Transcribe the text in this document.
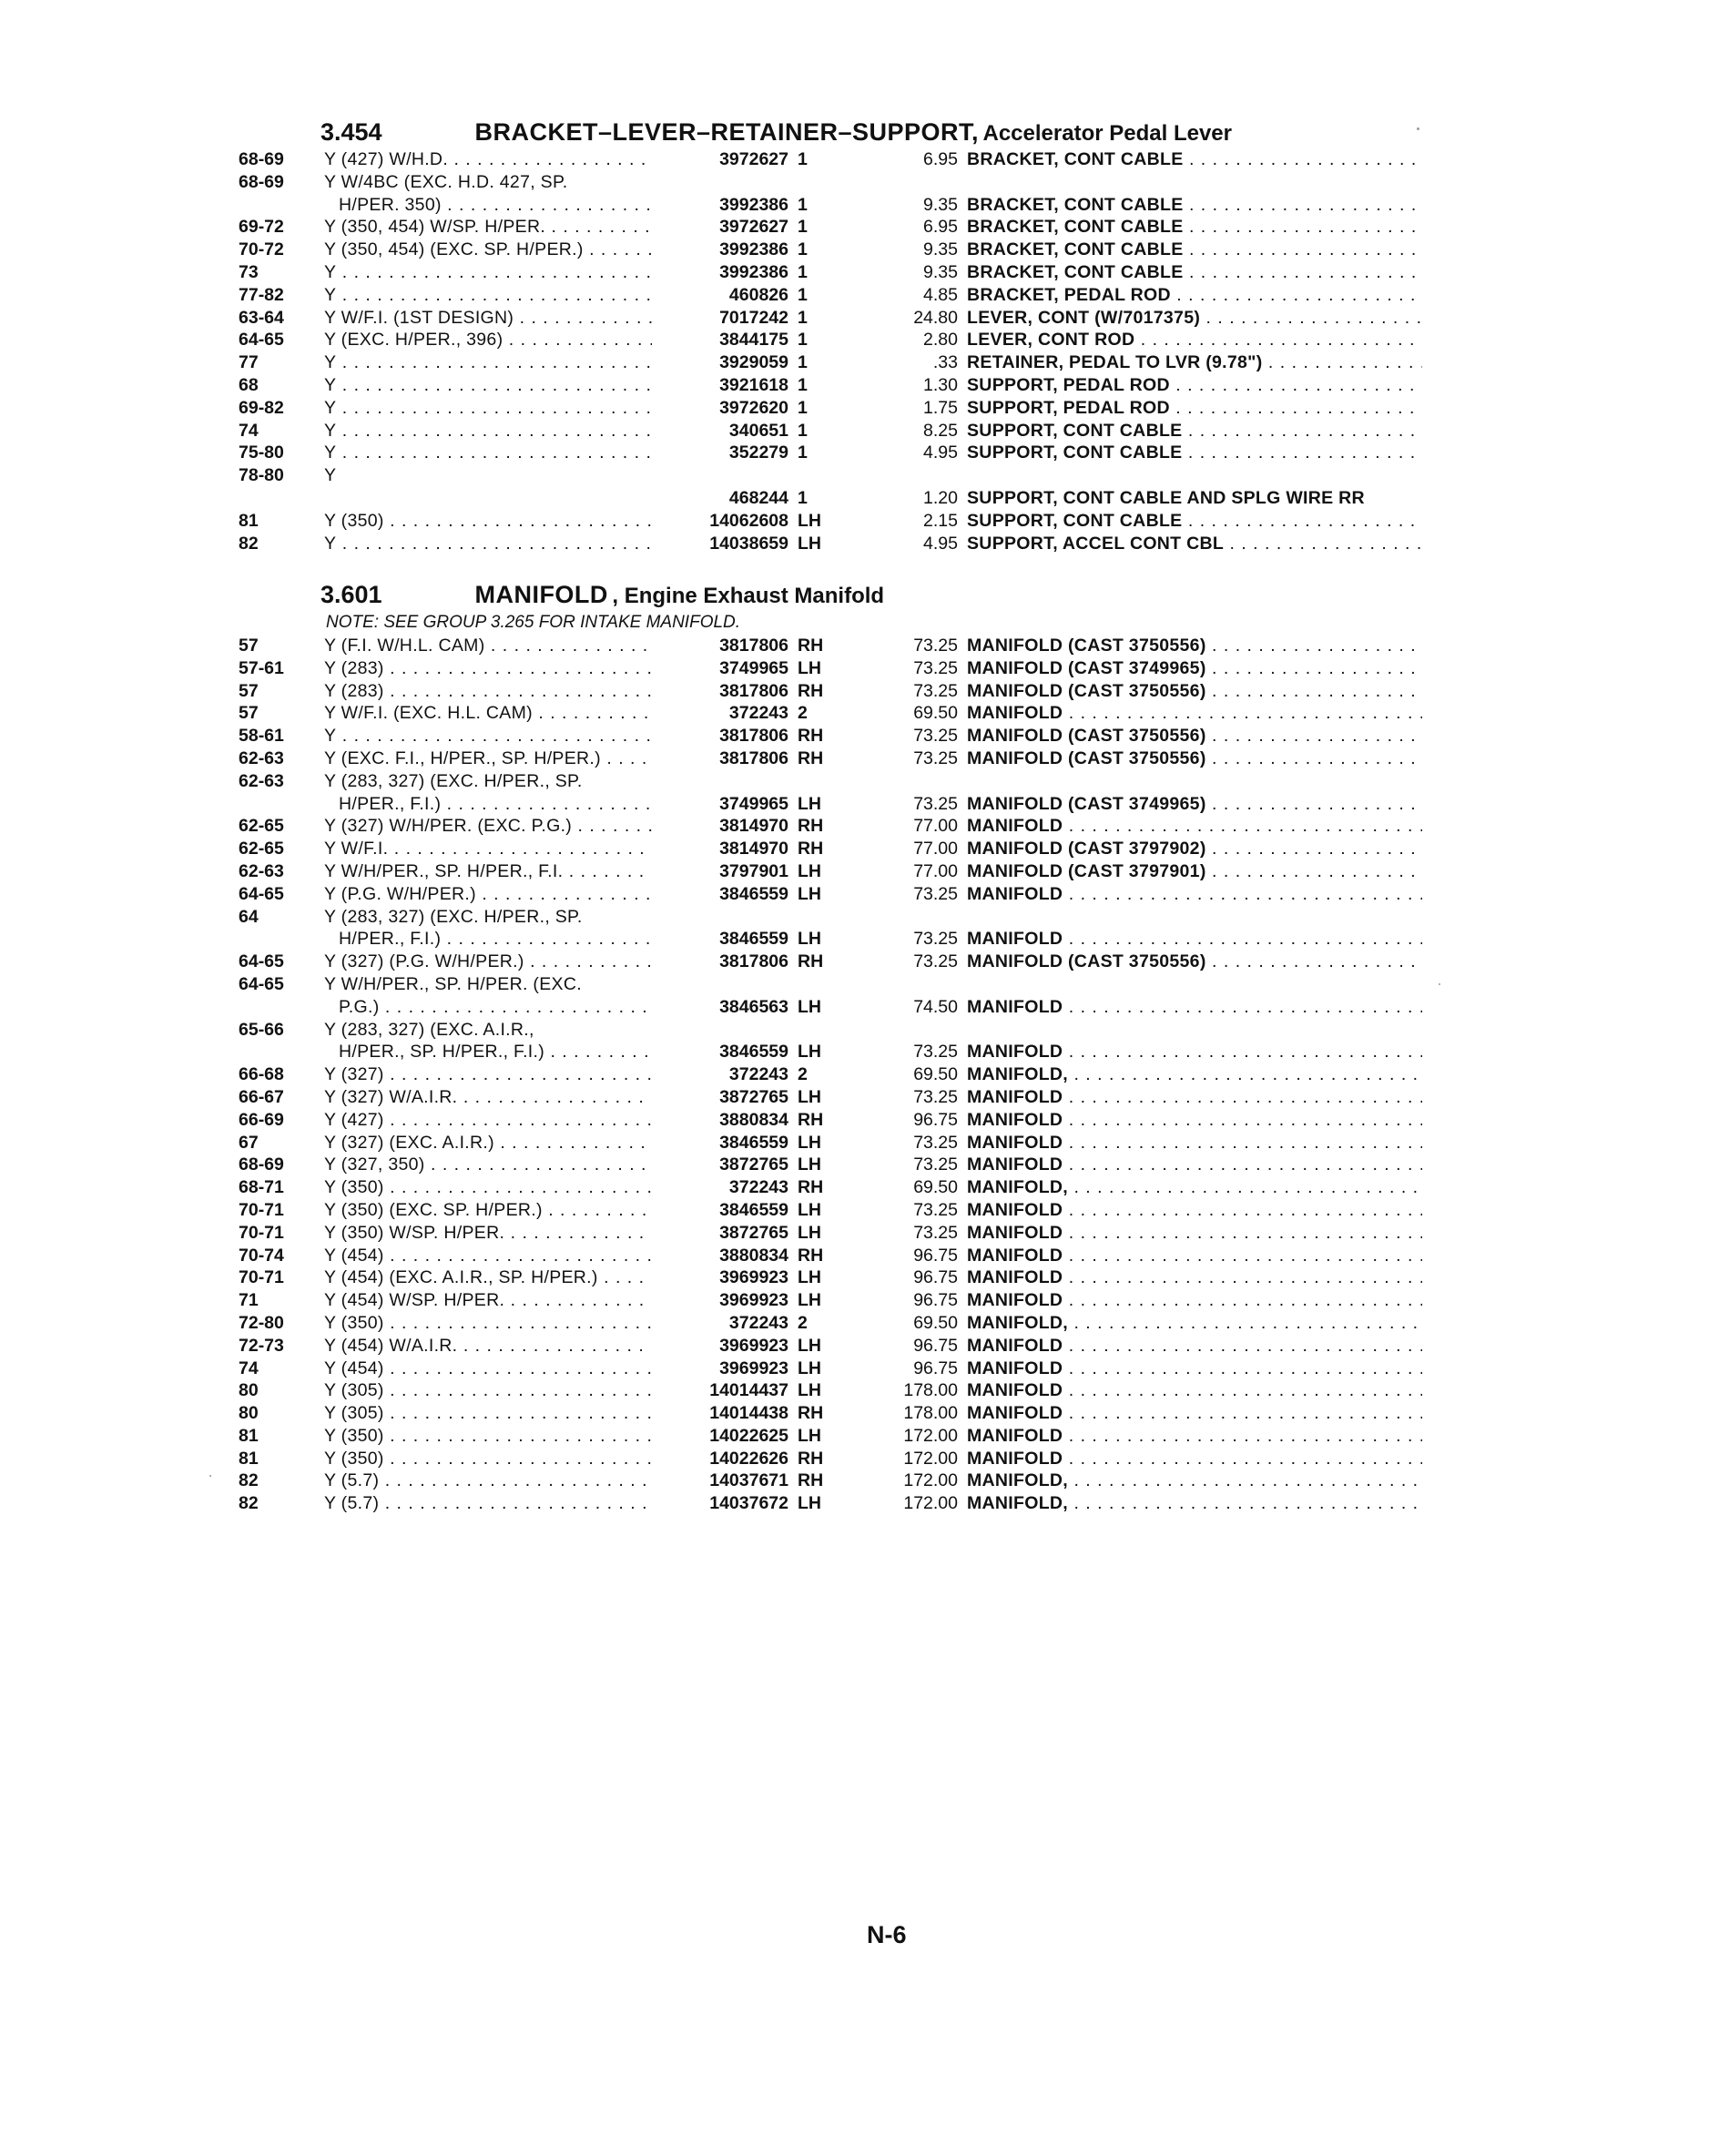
3.454	BRACKET–LEVER–RETAINER–SUPPORT, Accelerator Pedal Lever
68-69	Y (427) W/H.D. . . .	3972627 1	6.95 BRACKET, CONT CABLE . . .
68-69	Y W/4BC (EXC. H.D. 427, SP.
H/PER. 350) . . .	3992386 1	9.35 BRACKET, CONT CABLE . . .
69-72	Y (350, 454) W/SP. H/PER. . . .	3972627 1	6.95 BRACKET, CONT CABLE . . .
70-72	Y (350, 454) (EXC. SP. H/PER.) . . .	3992386 1	9.35 BRACKET, CONT CABLE . . .
73	Y . . .	3992386 1	9.35 BRACKET, CONT CABLE . . .
77-82	Y . . .	460826 1	4.85 BRACKET, PEDAL ROD . . .
63-64	Y W/F.I. (1ST DESIGN) . . .	7017242 1	24.80 LEVER, CONT (W/7017375) . . .
64-65	Y (EXC. H/PER., 396) . . .	3844175 1	2.80 LEVER, CONT ROD . . .
77	Y . . .	3929059 1	.33 RETAINER, PEDAL TO LVR (9.78") . . .
68	Y . . .	3921618 1	1.30 SUPPORT, PEDAL ROD . . .
69-82	Y . . .	3972620 1	1.75 SUPPORT, PEDAL ROD . . .
74	Y . . .	340651 1	8.25 SUPPORT, CONT CABLE . . .
75-80	Y . . .	352279 1	4.95 SUPPORT, CONT CABLE . . .
78-80	Y
468244 1	1.20 SUPPORT, CONT CABLE AND SPLG WIRE RR
81	Y (350) . . .	14062608 LH	2.15 SUPPORT, CONT CABLE . . .
82	Y . . .	14038659 LH	4.95 SUPPORT, ACCEL CONT CBL . . .
3.601	MANIFOLD , Engine Exhaust Manifold
NOTE: SEE GROUP 3.265 FOR INTAKE MANIFOLD.
57	Y (F.I. W/H.L. CAM) . . .	3817806 RH	73.25 MANIFOLD (CAST 3750556) . . .
57-61	Y (283) . . .	3749965 LH	73.25 MANIFOLD (CAST 3749965) . . .
57	Y (283) . . .	3817806 RH	73.25 MANIFOLD (CAST 3750556) . . .
57	Y W/F.I. (EXC. H.L. CAM) . . .	372243 2	69.50 MANIFOLD . . .
58-61	Y . . .	3817806 RH	73.25 MANIFOLD (CAST 3750556) . . .
62-63	Y (EXC. F.I., H/PER., SP. H/PER.) . . .	3817806 RH	73.25 MANIFOLD (CAST 3750556) . . .
62-63	Y (283, 327) (EXC. H/PER., SP.
H/PER., F.I.) . . .	3749965 LH	73.25 MANIFOLD (CAST 3749965) . . .
62-65	Y (327) W/H/PER. (EXC. P.G.) . . .	3814970 RH	77.00 MANIFOLD . . .
62-65	Y W/F.I. . . .	3814970 RH	77.00 MANIFOLD (CAST 3797902) . . .
62-63	Y W/H/PER., SP. H/PER., F.I. . . .	3797901 LH	77.00 MANIFOLD (CAST 3797901) . . .
64-65	Y (P.G. W/H/PER.) . . .	3846559 LH	73.25 MANIFOLD . . .
64	Y (283, 327) (EXC. H/PER., SP.
H/PER., F.I.) . . .	3846559 LH	73.25 MANIFOLD . . .
64-65	Y (327) (P.G. W/H/PER.) . . .	3817806 RH	73.25 MANIFOLD (CAST 3750556) . . .
64-65	Y W/H/PER., SP. H/PER. (EXC.
P.G.) . . .	3846563 LH	74.50 MANIFOLD . . .
65-66	Y (283, 327) (EXC. A.I.R.,
H/PER., SP. H/PER., F.I.) . . .	3846559 LH	73.25 MANIFOLD . . .
66-68	Y (327) . . .	372243 2	69.50 MANIFOLD, . . .
66-67	Y (327) W/A.I.R. . . .	3872765 LH	73.25 MANIFOLD . . .
66-69	Y (427) . . .	3880834 RH	96.75 MANIFOLD . . .
67	Y (327) (EXC. A.I.R.) . . .	3846559 LH	73.25 MANIFOLD . . .
68-69	Y (327, 350) . . .	3872765 LH	73.25 MANIFOLD . . .
68-71	Y (350) . . .	372243 RH	69.50 MANIFOLD, . . .
70-71	Y (350) (EXC. SP. H/PER.) . . .	3846559 LH	73.25 MANIFOLD . . .
70-71	Y (350) W/SP. H/PER. . . .	3872765 LH	73.25 MANIFOLD . . .
70-74	Y (454) . . .	3880834 RH	96.75 MANIFOLD . . .
70-71	Y (454) (EXC. A.I.R., SP. H/PER.) . . .	3969923 LH	96.75 MANIFOLD . . .
71	Y (454) W/SP. H/PER. . . .	3969923 LH	96.75 MANIFOLD . . .
72-80	Y (350) . . .	372243 2	69.50 MANIFOLD, . . .
72-73	Y (454) W/A.I.R. . . .	3969923 LH	96.75 MANIFOLD . . .
74	Y (454) . . .	3969923 LH	96.75 MANIFOLD . . .
80	Y (305) . . .	14014437 LH	178.00 MANIFOLD . . .
80	Y (305) . . .	14014438 RH	178.00 MANIFOLD . . .
81	Y (350) . . .	14022625 LH	172.00 MANIFOLD . . .
81	Y (350) . . .	14022626 RH	172.00 MANIFOLD . . .
82	Y (5.7) . . .	14037671 RH	172.00 MANIFOLD, . . .
82	Y (5.7) . . .	14037672 LH	172.00 MANIFOLD, . . .
N-6
